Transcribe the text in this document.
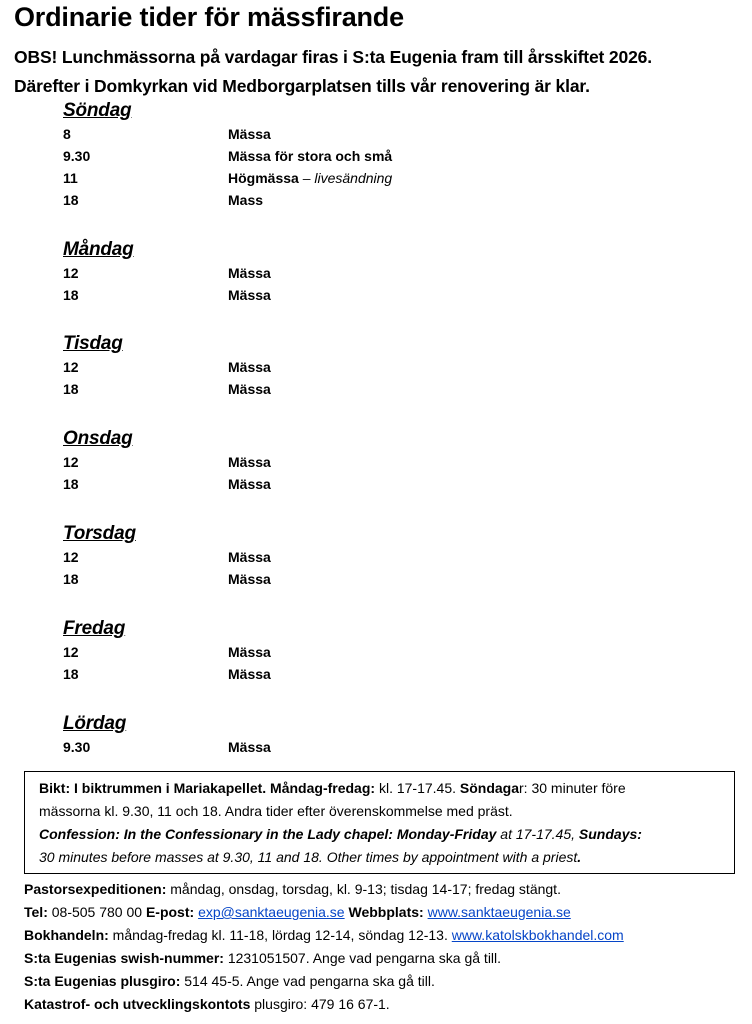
Ordinarie tider för mässfirande
OBS! Lunchmässorna på vardagar firas i S:ta Eugenia fram till årsskiftet 2026.
Därefter i Domkyrkan vid Medborgarplatsen tills vår renovering är klar.
Söndag
8	Mässa
9.30	Mässa för stora och små
11	Högmässa – livesändning
18	Mass
Måndag
12	Mässa
18	Mässa
Tisdag
12	Mässa
18	Mässa
Onsdag
12	Mässa
18	Mässa
Torsdag
12	Mässa
18	Mässa
Fredag
12	Mässa
18	Mässa
Lördag
9.30	Mässa
Bikt: I biktrummen i Mariakapellet. Måndag-fredag: kl. 17-17.45. Söndagar: 30 minuter före
mässorna kl. 9.30, 11 och 18. Andra tider efter överenskommelse med präst.
Confession: In the Confessionary in the Lady chapel: Monday-Friday at 17-17.45, Sundays:
30 minutes before masses at 9.30, 11 and 18. Other times by appointment with a priest.
Pastorsexpeditionen: måndag, onsdag, torsdag, kl. 9-13; tisdag 14-17; fredag stängt.
Tel: 08-505 780 00 E-post: exp@sanktaeugenia.se Webbplats: www.sanktaeugenia.se
Bokhandeln: måndag-fredag kl. 11-18, lördag 12-14, söndag 12-13. www.katolskbokhandel.com
S:ta Eugenias swish-nummer: 1231051507. Ange vad pengarna ska gå till.
S:ta Eugenias plusgiro: 514 45-5. Ange vad pengarna ska gå till.
Katastrof- och utvecklingskontots plusgiro: 479 16 67-1.
